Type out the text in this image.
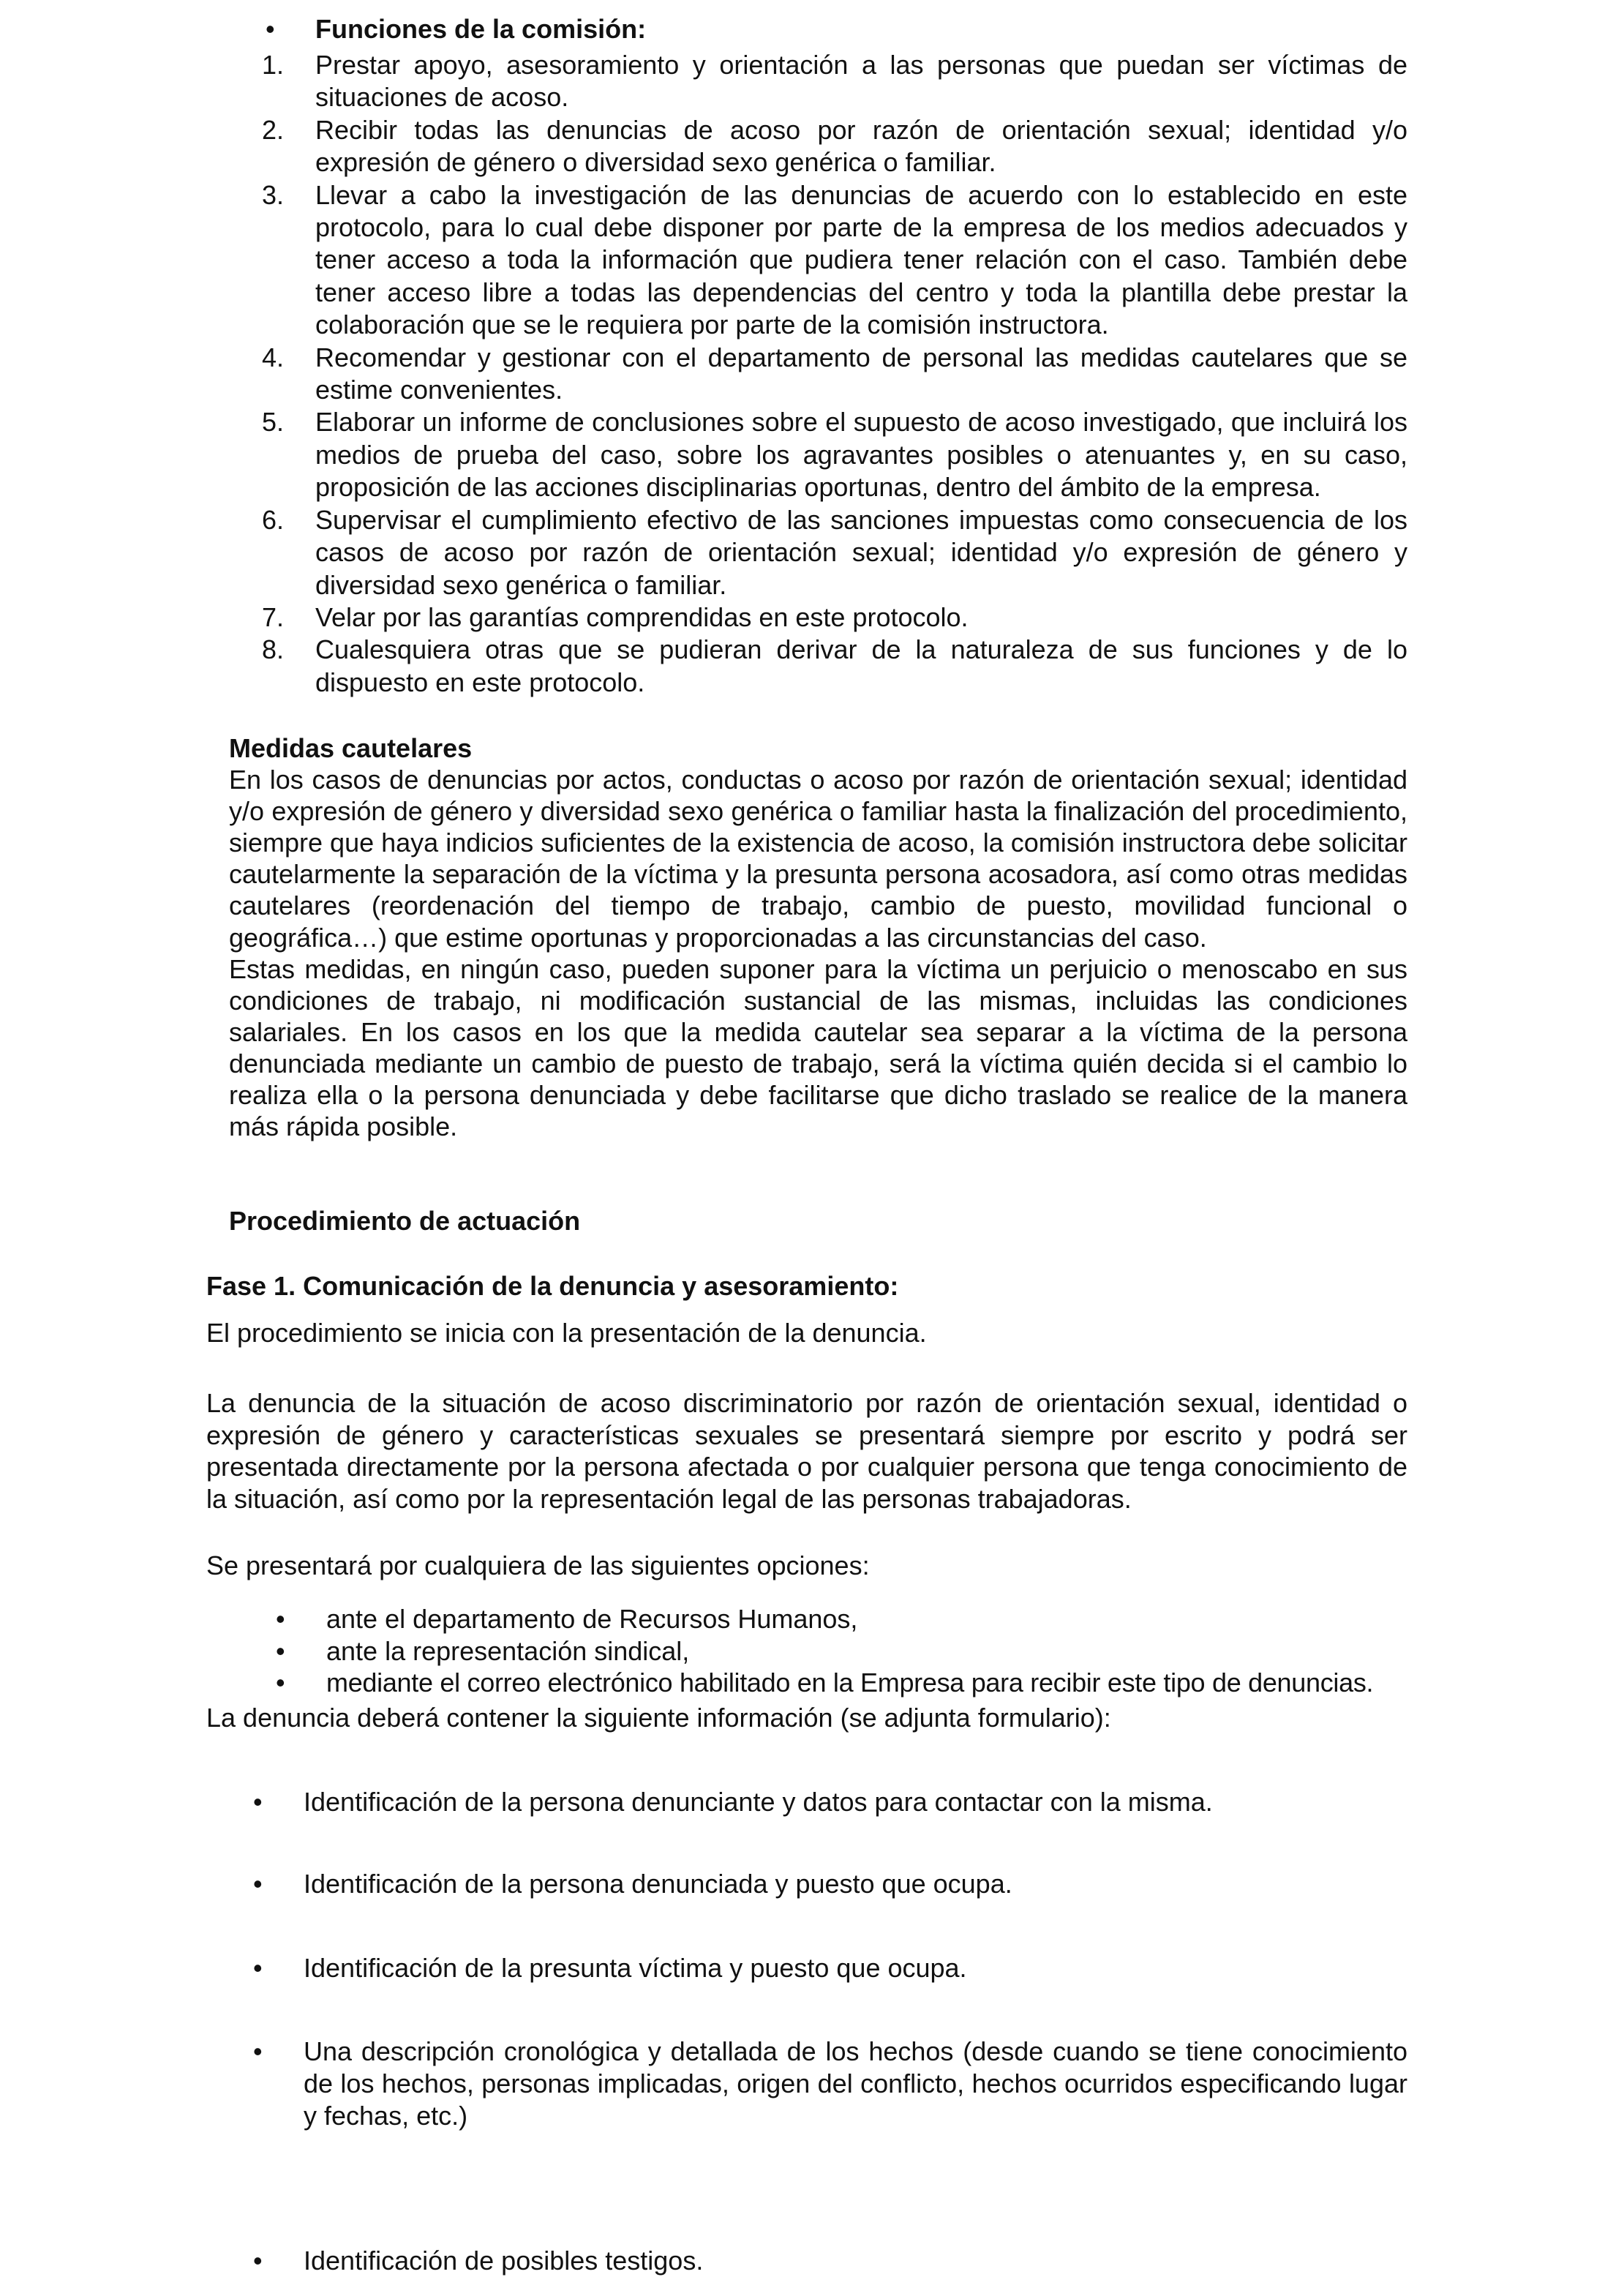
• Funciones de la comisión:
1. Prestar apoyo, asesoramiento y orientación a las personas que puedan ser víctimas de situaciones de acoso.
2. Recibir todas las denuncias de acoso por razón de orientación sexual; identidad y/o expresión de género o diversidad sexo genérica o familiar.
3. Llevar a cabo la investigación de las denuncias de acuerdo con lo establecido en este protocolo, para lo cual debe disponer por parte de la empresa de los medios adecuados y tener acceso a toda la información que pudiera tener relación con el caso. También debe tener acceso libre a todas las dependencias del centro y toda la plantilla debe prestar la colaboración que se le requiera por parte de la comisión instructora.
4. Recomendar y gestionar con el departamento de personal las medidas cautelares que se estime convenientes.
5. Elaborar un informe de conclusiones sobre el supuesto de acoso investigado, que incluirá los medios de prueba del caso, sobre los agravantes posibles o atenuantes y, en su caso, proposición de las acciones disciplinarias oportunas, dentro del ámbito de la empresa.
6. Supervisar el cumplimiento efectivo de las sanciones impuestas como consecuencia de los casos de acoso por razón de orientación sexual; identidad y/o expresión de género y diversidad sexo genérica o familiar.
7. Velar por las garantías comprendidas en este protocolo.
8. Cualesquiera otras que se pudieran derivar de la naturaleza de sus funciones y de lo dispuesto en este protocolo.

Medidas cautelares

En los casos de denuncias por actos, conductas o acoso por razón de orientación sexual; identidad y/o expresión de género y diversidad sexo genérica o familiar hasta la finalización del procedimiento, siempre que haya indicios suficientes de la existencia de acoso, la comisión instructora debe solicitar cautelarmente la separación de la víctima y la presunta persona acosadora, así como otras medidas cautelares (reordenación del tiempo de trabajo, cambio de puesto, movilidad funcional o geográfica…) que estime oportunas y proporcionadas a las circunstancias del caso.

Estas medidas, en ningún caso, pueden suponer para la víctima un perjuicio o menoscabo en sus condiciones de trabajo, ni modificación sustancial de las mismas, incluidas las condiciones salariales. En los casos en los que la medida cautelar sea separar a la víctima de la persona denunciada mediante un cambio de puesto de trabajo, será la víctima quién decida si el cambio lo realiza ella o la persona denunciada y debe facilitarse que dicho traslado se realice de la manera más rápida posible.

Procedimiento de actuación
Fase 1. Comunicación de la denuncia y asesoramiento:
El procedimiento se inicia con la presentación de la denuncia.
La denuncia de la situación de acoso discriminatorio por razón de orientación sexual, identidad o expresión de género y características sexuales se presentará siempre por escrito y podrá ser presentada directamente por la persona afectada o por cualquier persona que tenga conocimiento de la situación, así como por la representación legal de las personas trabajadoras.
Se presentará por cualquiera de las siguientes opciones:
• ante el departamento de Recursos Humanos,
• ante la representación sindical,
• mediante el correo electrónico habilitado en la Empresa para recibir este tipo de denuncias.
La denuncia deberá contener la siguiente información (se adjunta formulario):
• Identificación de la persona denunciante y datos para contactar con la misma.
• Identificación de la persona denunciada y puesto que ocupa.
• Identificación de la presunta víctima y puesto que ocupa.
• Una descripción cronológica y detallada de los hechos (desde cuando se tiene conocimiento de los hechos, personas implicadas, origen del conflicto, hechos ocurridos especificando lugar y fechas, etc.)
• Identificación de posibles testigos.
